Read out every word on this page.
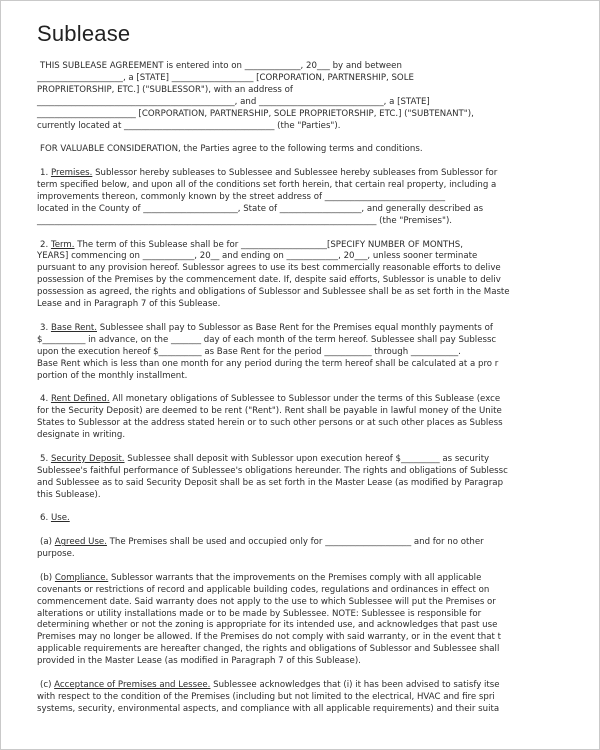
Sublease
THIS SUBLEASE AGREEMENT is entered into on _____________, 20___ by and between
____________________, a [STATE] ___________________ [CORPORATION, PARTNERSHIP, SOLE
PROPRIETORSHIP, ETC.] ("SUBLESSOR"), with an address of
______________________________________________, and _____________________________, a [STATE]
_______________________ [CORPORATION, PARTNERSHIP, SOLE PROPRIETORSHIP, ETC.] ("SUBTENANT"),
currently located at ___________________________________ (the "Parties").
FOR VALUABLE CONSIDERATION, the Parties agree to the following terms and conditions.
1. Premises. Sublessor hereby subleases to Sublessee and Sublessee hereby subleases from Sublessor for
term specified below, and upon all of the conditions set forth herein, that certain real property, including a
improvements thereon, commonly known by the street address of ____________________________
located in the County of ______________________, State of ___________________, and generally described as
_______________________________________________________________________________ (the "Premises").
2. Term. The term of this Sublease shall be for ____________________[SPECIFY NUMBER OF MONTHS,
YEARS] commencing on ____________, 20__ and ending on ____________, 20___, unless sooner terminate
pursuant to any provision hereof. Sublessor agrees to use its best commercially reasonable efforts to delive
possession of the Premises by the commencement date. If, despite said efforts, Sublessor is unable to deliv
possession as agreed, the rights and obligations of Sublessor and Sublessee shall be as set forth in the Maste
Lease and in Paragraph 7 of this Sublease.
3. Base Rent. Sublessee shall pay to Sublessor as Base Rent for the Premises equal monthly payments of
$__________ in advance, on the _______ day of each month of the term hereof. Sublessee shall pay Sublessc
upon the execution hereof $__________ as Base Rent for the period ___________ through ___________.
Base Rent which is less than one month for any period during the term hereof shall be calculated at a pro r
portion of the monthly installment.
4. Rent Defined. All monetary obligations of Sublessee to Sublessor under the terms of this Sublease (exce
for the Security Deposit) are deemed to be rent ("Rent"). Rent shall be payable in lawful money of the Unite
States to Sublessor at the address stated herein or to such other persons or at such other places as Subless
designate in writing.
5. Security Deposit. Sublessee shall deposit with Sublessor upon execution hereof $_________ as security
Sublessee's faithful performance of Sublessee's obligations hereunder. The rights and obligations of Sublessc
and Sublessee as to said Security Deposit shall be as set forth in the Master Lease (as modified by Paragrap
this Sublease).
6. Use.
(a) Agreed Use. The Premises shall be used and occupied only for ____________________ and for no other
purpose.
(b) Compliance. Sublessor warrants that the improvements on the Premises comply with all applicable
covenants or restrictions of record and applicable building codes, regulations and ordinances in effect on
commencement date. Said warranty does not apply to the use to which Sublessee will put the Premises or
alterations or utility installations made or to be made by Sublessee. NOTE: Sublessee is responsible for
determining whether or not the zoning is appropriate for its intended use, and acknowledges that past use
Premises may no longer be allowed. If the Premises do not comply with said warranty, or in the event that t
applicable requirements are hereafter changed, the rights and obligations of Sublessor and Sublessee shall
provided in the Master Lease (as modified in Paragraph 7 of this Sublease).
(c) Acceptance of Premises and Lessee. Sublessee acknowledges that (i) it has been advised to satisfy itse
with respect to the condition of the Premises (including but not limited to the electrical, HVAC and fire spri
systems, security, environmental aspects, and compliance with all applicable requirements) and their suita
